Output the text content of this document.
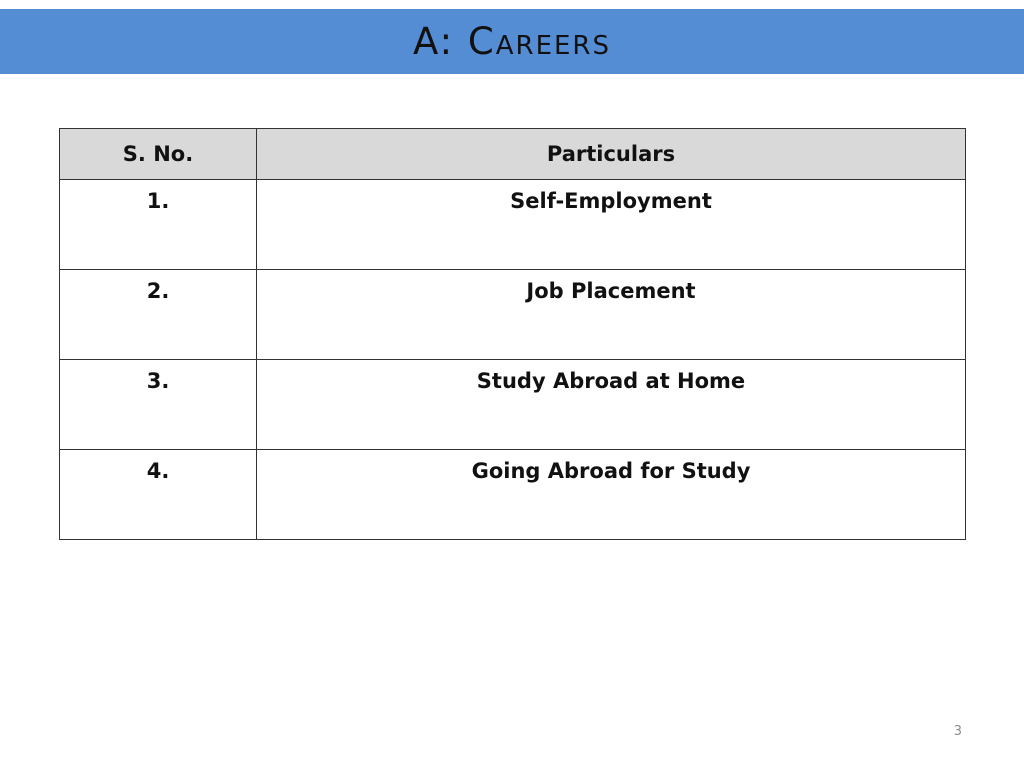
A: Careers
S. No.	Particulars
1.	Self-Employment
2.	Job Placement
3.	Study Abroad at Home
4.	Going Abroad for Study
3
